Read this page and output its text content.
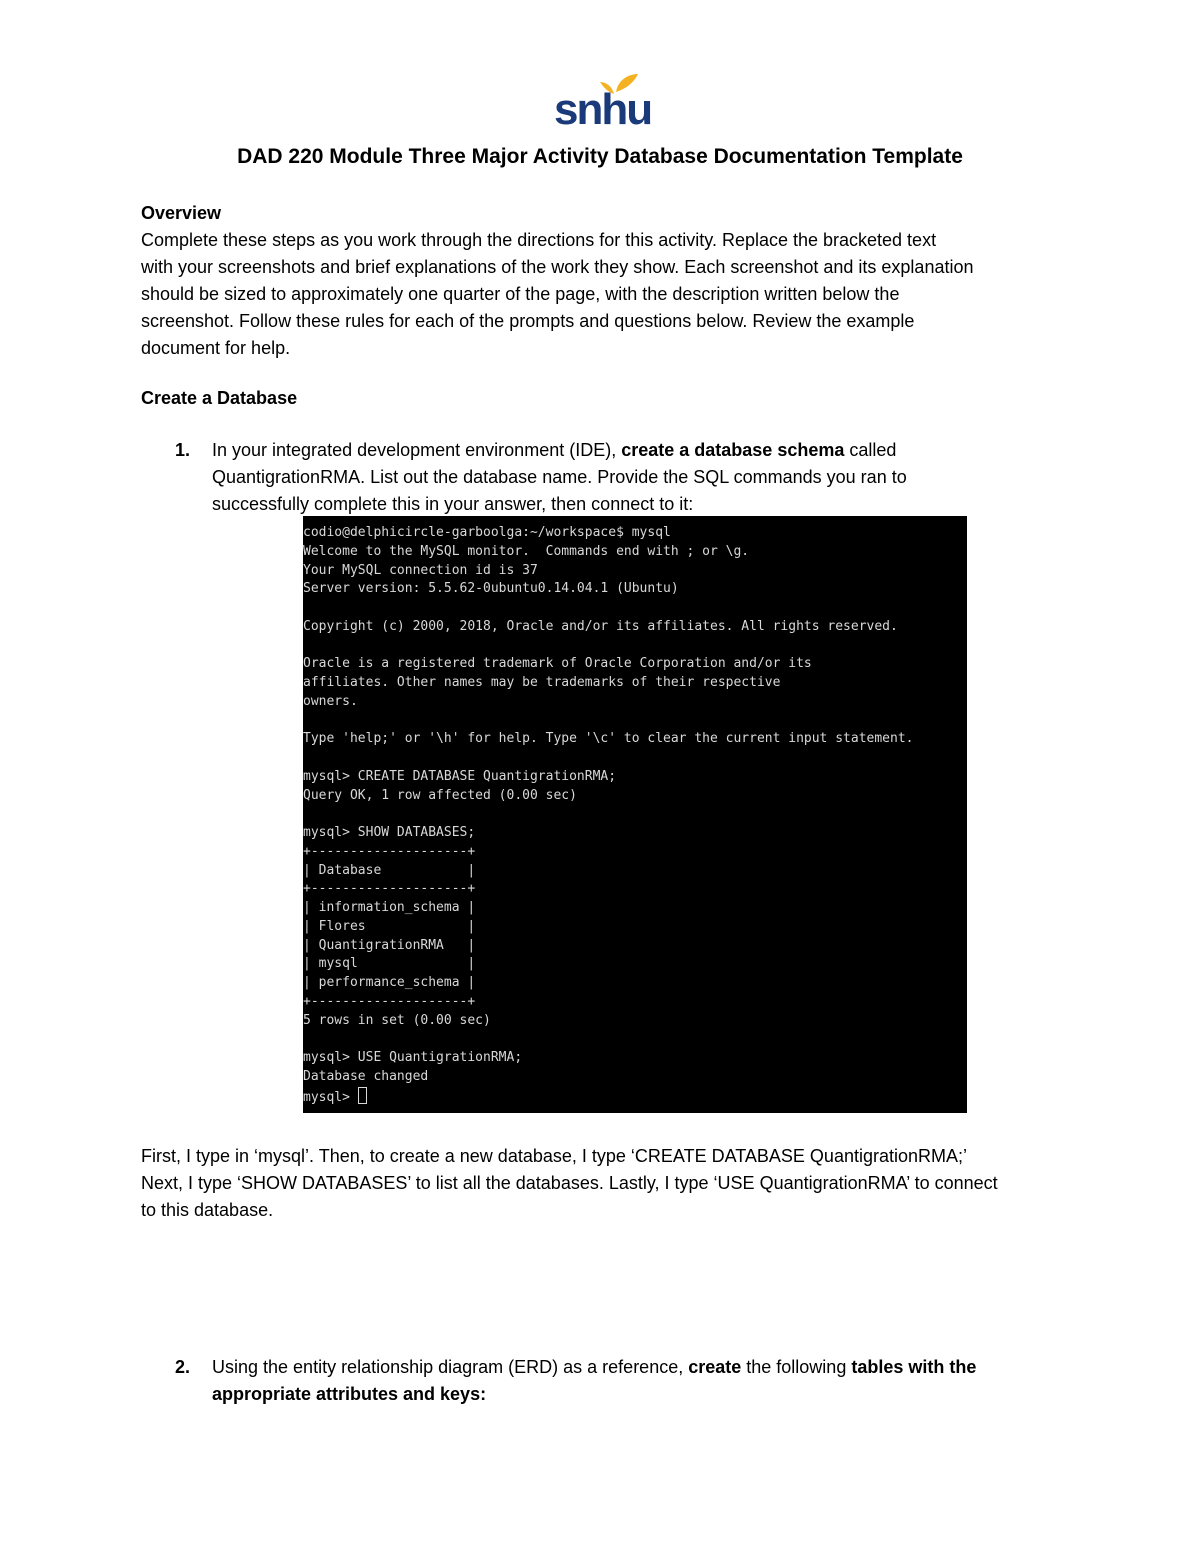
snhu
DAD 220 Module Three Major Activity Database Documentation Template
Overview
Complete these steps as you work through the directions for this activity. Replace the bracketed text
with your screenshots and brief explanations of the work they show. Each screenshot and its explanation
should be sized to approximately one quarter of the page, with the description written below the
screenshot. Follow these rules for each of the prompts and questions below. Review the example
document for help.
Create a Database
1. In your integrated development environment (IDE), create a database schema called
QuantigrationRMA. List out the database name. Provide the SQL commands you ran to
successfully complete this in your answer, then connect to it:
codio@delphicircle-garboolga:~/workspace$ mysql
Welcome to the MySQL monitor.  Commands end with ; or \g.
Your MySQL connection id is 37
Server version: 5.5.62-0ubuntu0.14.04.1 (Ubuntu)

Copyright (c) 2000, 2018, Oracle and/or its affiliates. All rights reserved.

Oracle is a registered trademark of Oracle Corporation and/or its
affiliates. Other names may be trademarks of their respective
owners.

Type 'help;' or '\h' for help. Type '\c' to clear the current input statement.

mysql> CREATE DATABASE QuantigrationRMA;
Query OK, 1 row affected (0.00 sec)

mysql> SHOW DATABASES;
+--------------------+
| Database           |
+--------------------+
| information_schema |
| Flores             |
| QuantigrationRMA   |
| mysql              |
| performance_schema |
+--------------------+
5 rows in set (0.00 sec)

mysql> USE QuantigrationRMA;
Database changed
mysql>
First, I type in ‘mysql’. Then, to create a new database, I type ‘CREATE DATABASE QuantigrationRMA;’
Next, I type ‘SHOW DATABASES’ to list all the databases. Lastly, I type ‘USE QuantigrationRMA’ to connect
to this database.
2. Using the entity relationship diagram (ERD) as a reference, create the following tables with the
appropriate attributes and keys:
